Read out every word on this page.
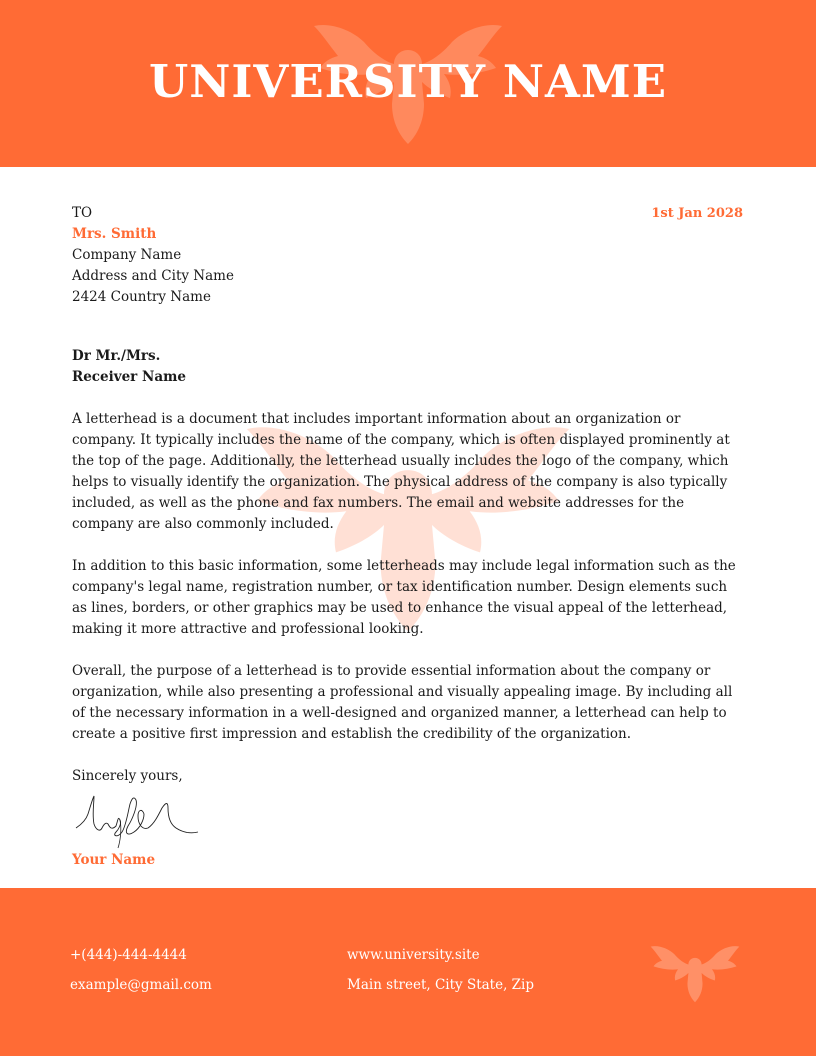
UNIVERSITY NAME
1st Jan 2028
TO
Mrs. Smith
Company Name
Address and City Name
2424 Country Name
Dr Mr./Mrs.
Receiver Name

A letterhead is a document that includes important information about an organization or company. It typically includes the name of the company, which is often displayed prominently at the top of the page. Additionally, the letterhead usually includes the logo of the company, which helps to visually identify the organization. The physical address of the company is also typically included, as well as the phone and fax numbers. The email and website addresses for the company are also commonly included.

In addition to this basic information, some letterheads may include legal information such as the company's legal name, registration number, or tax identification number. Design elements such as lines, borders, or other graphics may be used to enhance the visual appeal of the letterhead, making it more attractive and professional looking.

Overall, the purpose of a letterhead is to provide essential information about the company or organization, while also presenting a professional and visually appealing image. By including all of the necessary information in a well-designed and organized manner, a letterhead can help to create a positive first impression and establish the credibility of the organization.

Sincerely yours,
Your Name
+(444)-444-4444
example@gmail.com
www.university.site
Main street, City State, Zip
